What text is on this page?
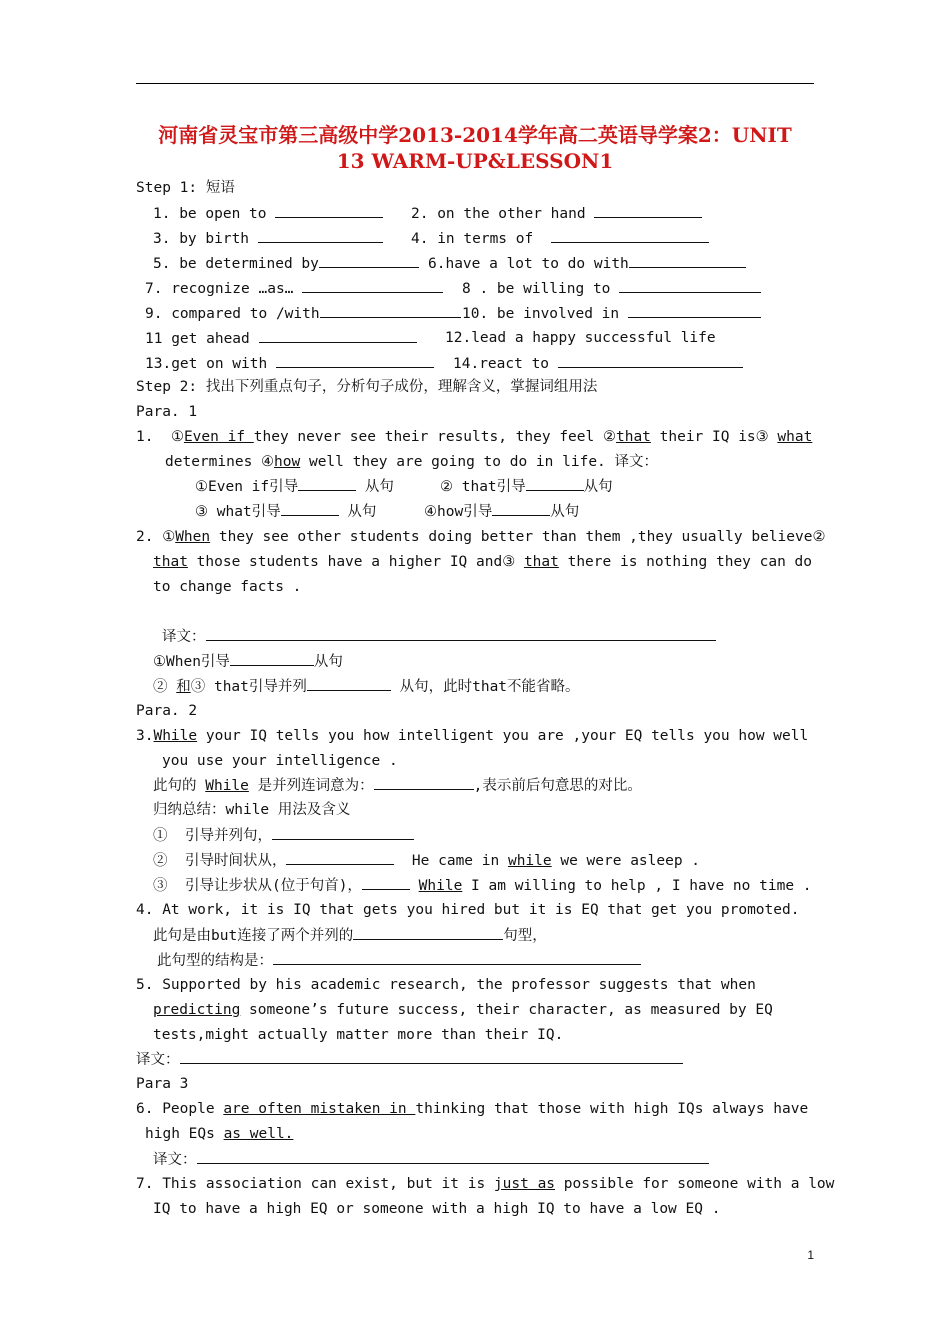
河南省灵宝市第三高级中学2013-2014学年高二英语导学案2：UNIT
13 WARM-UP&LESSON1
Step 1: 短语
1. be open to	2. on the other hand
3. by birth	4. in terms of
5. be determined by	6.have a lot to do with
7. recognize …as…	8 . be willing to
9. compared to /with	10. be involved in
11 get ahead	12.lead a happy successful life
13.get on with	14.react to
Step 2: 找出下列重点句子，分析句子成份，理解含义，掌握词组用法
Para. 1
1. ①Even if they never see their results, they feel ②that their IQ is③ what
determines ④how well they are going to do in life. 译文：
①Even if引导	从句	② that引导	从句
③ what引导	从句	④how引导	从句
2. ①When they see other students doing better than them ,they usually believe②
that those students have a higher IQ and③ that there is nothing they can do
to change facts .
译文：
①When引导	从句
② 和③ that引导并列	从句，此时that不能省略。
Para. 2
3.While your IQ tells you how intelligent you are ,your EQ tells you how well
you use your intelligence .
此句的 While 是并列连词意为：	,表示前后句意思的对比。
归纳总结：while 用法及含义
①  引导并列句，
②  引导时间状从，	He came in while we were asleep .
③  引导让步状从(位于句首)，	While I am willing to help , I have no time .
4. At work, it is IQ that gets you hired but it is EQ that get you promoted.
此句是由but连接了两个并列的	句型，
此句型的结构是：
5. Supported by his academic research, the professor suggests that when
predicting someone’s future success, their character, as measured by EQ
tests,might actually matter more than their IQ.
译文：
Para 3
6. People are often mistaken in thinking that those with high IQs always have
high EQs as well.
译文：
7. This association can exist, but it is just as possible for someone with a low
IQ to have a high EQ or someone with a high IQ to have a low EQ .
1
